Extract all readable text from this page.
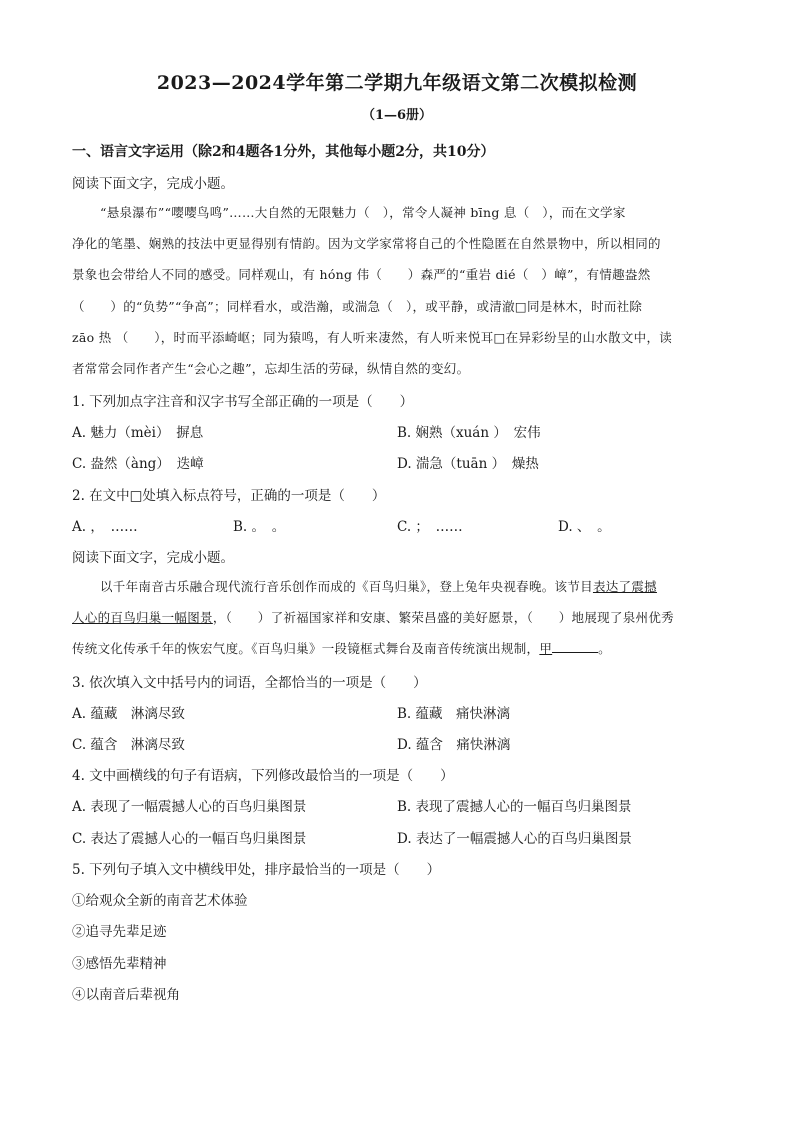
2023—2024学年第二学期九年级语文第二次模拟检测
（1—6册）
一、语言文字运用（除2和4题各1分外，其他每小题2分，共10分）
阅读下面文字，完成小题。
“悬泉瀑布”“嘤嘤鸟鸣”……大自然的无限魅力（　），常令人凝神 bīng 息（　），而在文学家
净化的笔墨、娴熟的技法中更显得别有情韵。因为文学家常将自己的个性隐匿在自然景物中，所以相同的
景象也会带给人不同的感受。同样观山，有 hóng 伟（　　）森严的“重岩 dié（　）嶂”，有情趣盎然
（　　）的“负势”“争高”；同样看水，或浩瀚，或湍急（　），或平静，或清澈□同是林木，时而社除
zāo 热 （　　），时而平添崎岖；同为猿鸣，有人听来凄然，有人听来悦耳□在异彩纷呈的山水散文中，读
者常常会同作者产生“会心之趣”，忘却生活的劳碌，纵情自然的变幻。
1. 下列加点字注音和汉字书写全部正确的一项是（　　）
A. 魅力（mèi）　摒息	B. 娴熟（xuán ）　宏伟
C. 盎然（àng）　迭嶂	D. 湍急（tuān ）　燥热
2. 在文中□处填入标点符号，正确的一项是（　　）
A. ，　……	B. 。　。	C. ；　……	D. 、　。
阅读下面文字，完成小题。
以千年南音古乐融合现代流行音乐创作而成的《百鸟归巢》，登上兔年央视春晚。该节目表达了震撼
人心的百鸟归巢一幅图景，（　　）了祈福国家祥和安康、繁荣昌盛的美好愿景，（　　）地展现了泉州优秀
传统文化传承千年的恢宏气度。《百鸟归巢》一段镜框式舞台及南音传统演出规制，甲	。
3. 依次填入文中括号内的词语，全都恰当的一项是（　　）
A. 蕴藏　淋漓尽致	B. 蕴藏　痛快淋漓
C. 蕴含　淋漓尽致	D. 蕴含　痛快淋漓
4. 文中画横线的句子有语病，下列修改最恰当的一项是（　　）
A. 表现了一幅震撼人心的百鸟归巢图景	B. 表现了震撼人心的一幅百鸟归巢图景
C. 表达了震撼人心的一幅百鸟归巢图景	D. 表达了一幅震撼人心的百鸟归巢图景
5. 下列句子填入文中横线甲处，排序最恰当的一项是（　　）
①给观众全新的南音艺术体验
②追寻先辈足迹
③感悟先辈精神
④以南音后辈视角
